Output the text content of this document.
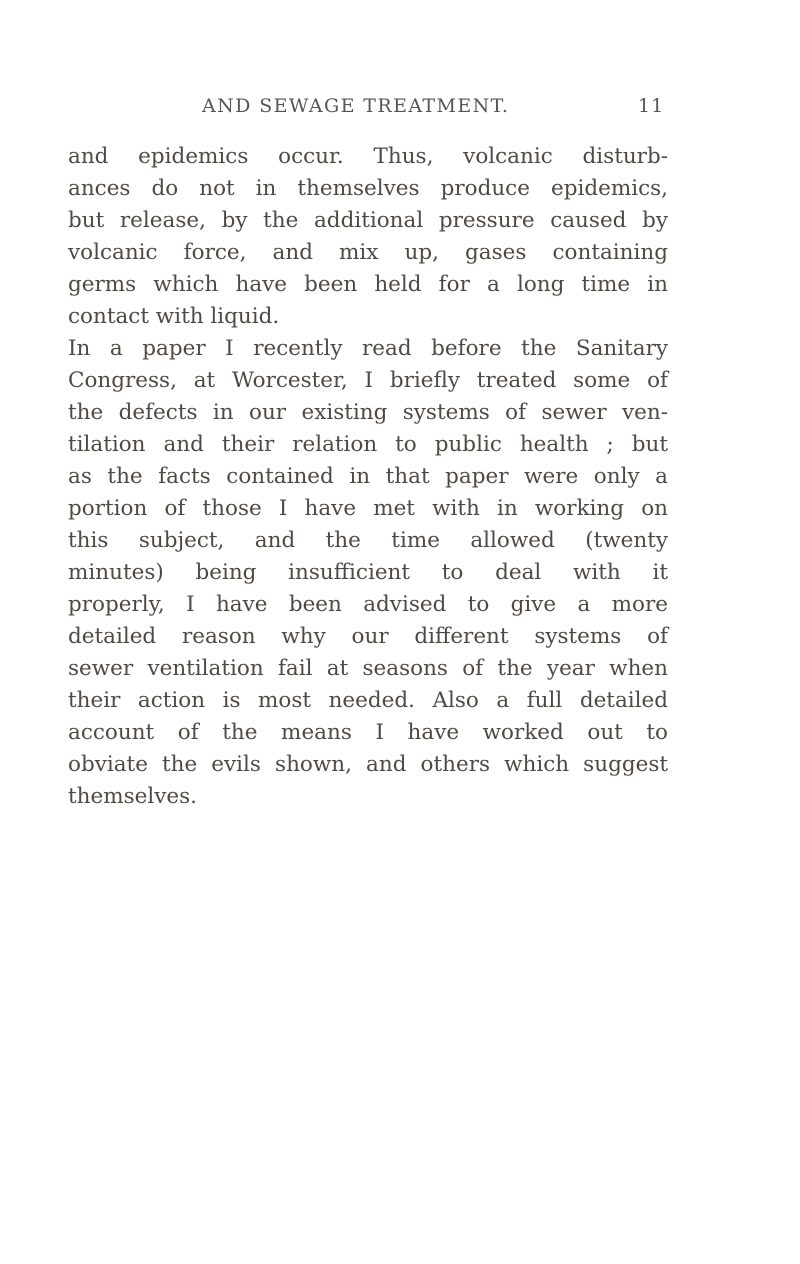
AND SEWAGE TREATMENT.	11
and epidemics occur. Thus, volcanic disturb-
ances do not in themselves produce epidemics,
but release, by the additional pressure caused by
volcanic force, and mix up, gases containing
germs which have been held for a long time in
contact with liquid.
In a paper I recently read before the Sanitary
Congress, at Worcester, I briefly treated some of
the defects in our existing systems of sewer ven-
tilation and their relation to public health ; but
as the facts contained in that paper were only a
portion of those I have met with in working on
this subject, and the time allowed (twenty
minutes) being insufficient to deal with it
properly, I have been advised to give a more
detailed reason why our different systems of
sewer ventilation fail at seasons of the year when
their action is most needed. Also a full detailed
account of the means I have worked out to
obviate the evils shown, and others which suggest
themselves.
